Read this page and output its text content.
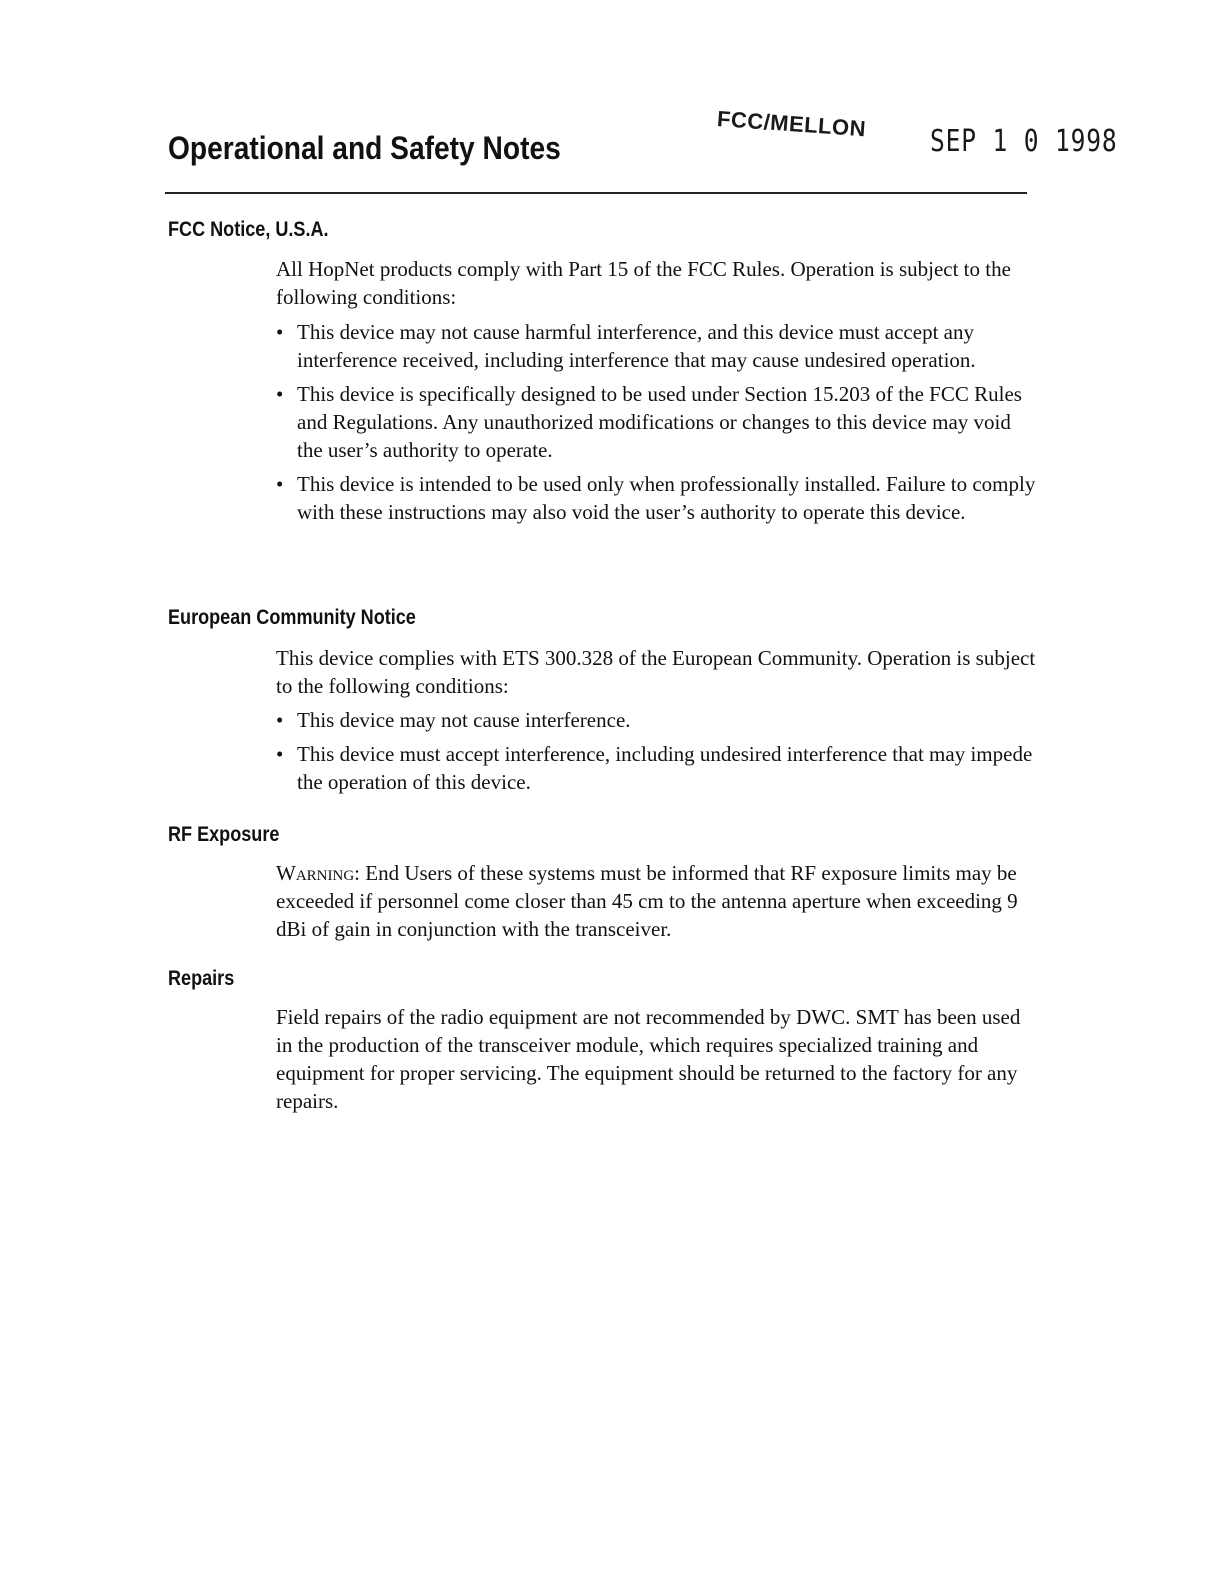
FCC/MELLON
SEP 1 0 1998
Operational and Safety Notes
FCC Notice, U.S.A.

All HopNet products comply with Part 15 of the FCC Rules. Operation is subject to the following conditions:

• This device may not cause harmful interference, and this device must accept any interference received, including interference that may cause undesired operation.
• This device is specifically designed to be used under Section 15.203 of the FCC Rules and Regulations. Any unauthorized modifications or changes to this device may void the user’s authority to operate.
• This device is intended to be used only when professionally installed. Failure to comply with these instructions may also void the user’s authority to operate this device.
European Community Notice

This device complies with ETS 300.328 of the European Community. Operation is subject to the following conditions:

• This device may not cause interference.
• This device must accept interference, including undesired interference that may impede the operation of this device.
RF Exposure

Warning: End Users of these systems must be informed that RF exposure limits may be exceeded if personnel come closer than 45 cm to the antenna aperture when exceeding 9 dBi of gain in conjunction with the transceiver.

Repairs

Field repairs of the radio equipment are not recommended by DWC. SMT has been used in the production of the transceiver module, which requires specialized training and equipment for proper servicing. The equipment should be returned to the factory for any repairs.
